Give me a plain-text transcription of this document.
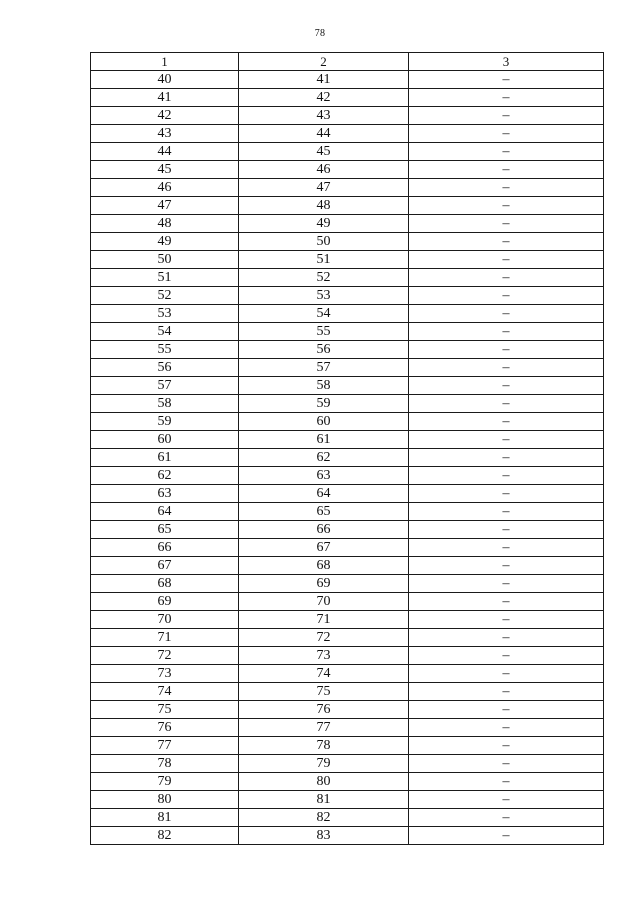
78
1	2	3
40	41	–
41	42	–
42	43	–
43	44	–
44	45	–
45	46	–
46	47	–
47	48	–
48	49	–
49	50	–
50	51	–
51	52	–
52	53	–
53	54	–
54	55	–
55	56	–
56	57	–
57	58	–
58	59	–
59	60	–
60	61	–
61	62	–
62	63	–
63	64	–
64	65	–
65	66	–
66	67	–
67	68	–
68	69	–
69	70	–
70	71	–
71	72	–
72	73	–
73	74	–
74	75	–
75	76	–
76	77	–
77	78	–
78	79	–
79	80	–
80	81	–
81	82	–
82	83	–
